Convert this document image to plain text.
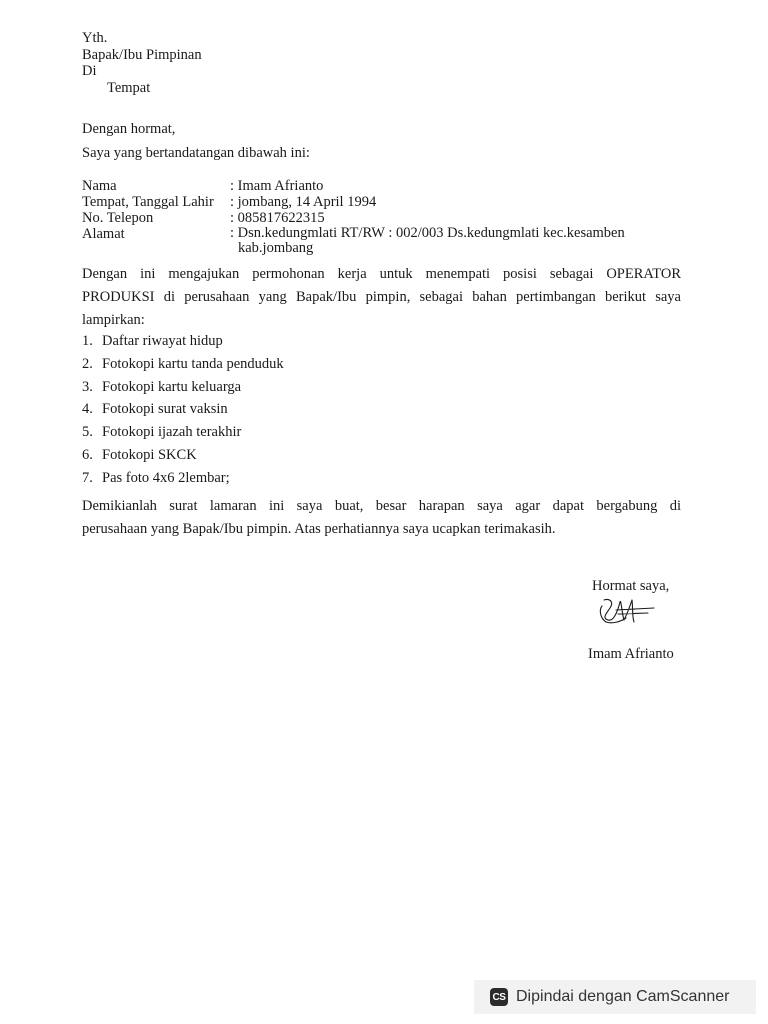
Yth.
Bapak/Ibu Pimpinan
Di
Tempat
Dengan hormat,
Saya yang bertandatangan dibawah ini:
Nama	: Imam Afrianto
Tempat, Tanggal Lahir : jombang, 14 April 1994
No. Telepon	: 085817622315
Alamat	: Dsn.kedungmlati RT/RW : 002/003 Ds.kedungmlati kec.kesamben
kab.jombang
Dengan ini mengajukan permohonan kerja untuk menempati posisi sebagai OPERATOR
PRODUKSI di perusahaan yang Bapak/Ibu pimpin, sebagai bahan pertimbangan berikut saya
lampirkan:
1. Daftar riwayat hidup
2. Fotokopi kartu tanda penduduk
3. Fotokopi kartu keluarga
4. Fotokopi surat vaksin
5. Fotokopi ijazah terakhir
6. Fotokopi SKCK
7. Pas foto 4x6 2lembar;
Demikianlah surat lamaran ini saya buat, besar harapan saya agar dapat bergabung di
perusahaan yang Bapak/Ibu pimpin. Atas perhatiannya saya ucapkan terimakasih.
Hormat saya,
Imam Afrianto
CS Dipindai dengan CamScanner
